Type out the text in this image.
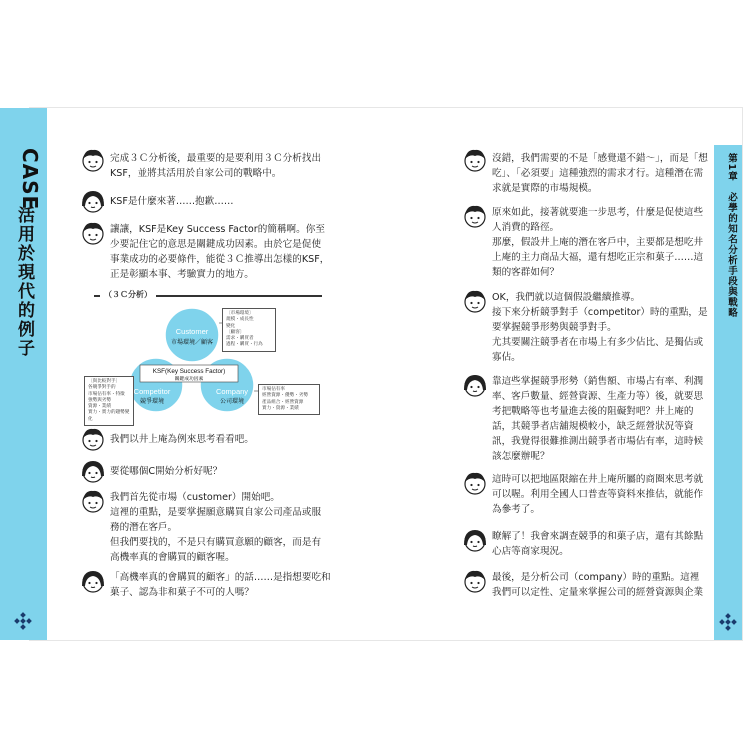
CASE
活用於現代的例子	第1章　必學的知名分析手段與戰略
完成３Ｃ分析後，最重要的是要利用３Ｃ分析找出
KSF，並將其活用於自家公司的戰略中。
KSF是什麼來著……抱歉……
讓讓，KSF是Key Success Factor的簡稱啊。你至
少要記住它的意思是關鍵成功因素。由於它是促使
事業成功的必要條件，能從３Ｃ推導出怎樣的KSF，
正是彰顯本事、考驗實力的地方。
（３Ｃ分析）
Customer
市場環境／顧客
KSF(Key Success Factor)
關鍵成功因素
Competitor
競爭環境
Company
公司環境
〔市場環境〕
規模・成長性
變化
〔顧客〕
需求・購買者
過程・購買・行為
〔與比較對手〕
各競爭對手的
市場佔有率・特徵
強勢與劣勢
資源・業績
實力・實力的趨勢變化
市場佔有率
經營資源・優勢・劣勢
產品組合・經營資源
實力・資源・業績
我們以井上庵為例來思考看看吧。
要從哪個C開始分析好呢？
我們首先從市場（customer）開始吧。
這裡的重點，是要掌握願意購買自家公司產品或服
務的潛在客戶。
但我們要找的，不是只有購買意願的顧客，而是有
高機率真的會購買的顧客喔。
「高機率真的會購買的顧客」的話……是指想要吃和
菓子、認為非和菓子不可的人嗎？
沒錯，我們需要的不是「感覺還不錯～」，而是「想
吃」、「必須要」這種強烈的需求才行。這種潛在需
求就是實際的市場規模。
原來如此，接著就要進一步思考，什麼是促使這些
人消費的路徑。
那麼，假設井上庵的潛在客戶中，主要都是想吃井
上庵的主力商品大福，還有想吃正宗和菓子……這
類的客群如何？
OK，我們就以這個假設繼續推導。
接下來分析競爭對手（competitor）時的重點，是
要掌握競爭形勢與競爭對手。
尤其要關注競爭者在市場上有多少佔比、是獨佔或
寡佔。
靠這些掌握競爭形勢（銷售額、市場占有率、利潤
率、客戶數量、經營資源、生產力等）後，就要思
考把戰略等也考量進去後的阻礙對吧？井上庵的
話，其競爭者店舖規模較小，缺乏經營狀況等資
訊，我覺得很難推測出競爭者市場佔有率，這時候
該怎麼辦呢？
這時可以把地區限縮在井上庵所屬的商圈來思考就
可以喔。利用全國人口普查等資料來推估，就能作
為參考了。
瞭解了！我會來調查競爭的和菓子店，還有其餘點
心店等商家現況。
最後，是分析公司（company）時的重點。這裡
我們可以定性、定量來掌握公司的經營資源與企業
